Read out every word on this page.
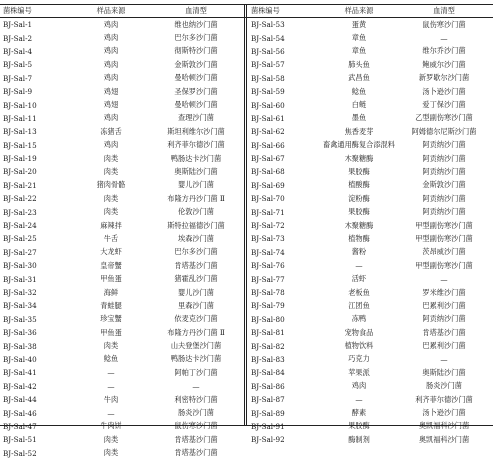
菌株编号	样品来源	血清型
BJ-Sal-1	鸡肉	维也纳沙门菌
BJ-Sal-2	鸡肉	巴尔多沙门菌
BJ-Sal-4	鸡肉	彻斯特沙门菌
BJ-Sal-5	鸡肉	金斯敦沙门菌
BJ-Sal-7	鸡肉	曼哈顿沙门菌
BJ-Sal-9	鸡翅	圣保罗沙门菌
BJ-Sal-10	鸡翅	曼哈顿沙门菌
BJ-Sal-11	鸡肉	查理沙门菌
BJ-Sal-13	冻猪舌	斯坦利维尔沙门菌
BJ-Sal-15	鸡肉	利齐菲尔德沙门菌
BJ-Sal-19	肉类	鸭肠达卡沙门菌
BJ-Sal-20	肉类	奥斯陆沙门菌
BJ-Sal-21	猪肉骨骼	婴儿沙门菌
BJ-Sal-22	肉类	布隆方丹沙门菌 Ⅱ
BJ-Sal-23	肉类	伦敦沙门菌
BJ-Sal-24	麻辣拌	斯特拉福德沙门菌
BJ-Sal-25	牛舌	埃森沙门菌
BJ-Sal-27	大龙虾	巴尔多沙门菌
BJ-Sal-30	皇帝蟹	肯塔基沙门菌
BJ-Sal-31	甲鱼蛋	猪霍乱沙门菌
BJ-Sal-32	海鲜	婴儿沙门菌
BJ-Sal-34	青蛙腿	里森沙门菌
BJ-Sal-35	珍宝蟹	依麦克沙门菌
BJ-Sal-36	甲鱼蛋	布隆方丹沙门菌 Ⅱ
BJ-Sal-38	肉类	山夫登堡沙门菌
BJ-Sal-40	鲶鱼	鸭肠达卡沙门菌
BJ-Sal-41	—	阿帕丁沙门菌
BJ-Sal-42	—	—
BJ-Sal-44	牛肉	利密特沙门菌
BJ-Sal-46	—	肠炎沙门菌
BJ-Sal-47	牛肉饼	鼠伤寒沙门菌
BJ-Sal-51	肉类	肯塔基沙门菌
BJ-Sal-52	肉类	肯塔基沙门菌
菌株编号	样品来源	血清型
BJ-Sal-53	蛋黄	鼠伤寒沙门菌
BJ-Sal-54	章鱼	—
BJ-Sal-56	章鱼	维尔乔沙门菌
BJ-Sal-57	肺头鱼	鲍威尔沙门菌
BJ-Sal-58	武昌鱼	新罗歇尔沙门菌
BJ-Sal-59	鲶鱼	汤卜逊沙门菌
BJ-Sal-60	白鲢	爱丁保沙门菌
BJ-Sal-61	墨鱼	乙型副伤寒沙门菌
BJ-Sal-62	焦香麦芽	阿姆德尔尼斯沙门菌
BJ-Sal-66	畜禽通用酶复合添混料	阿贡纳沙门菌
BJ-Sal-67	木聚糖酶	阿贡纳沙门菌
BJ-Sal-68	果胶酶	阿贡纳沙门菌
BJ-Sal-69	植酸酶	金斯敦沙门菌
BJ-Sal-70	淀粉酶	阿贡纳沙门菌
BJ-Sal-71	果胶酶	阿贡纳沙门菌
BJ-Sal-72	木聚糖酶	甲型副伤寒沙门菌
BJ-Sal-73	植物酶	甲型副伤寒沙门菌
BJ-Sal-74	酱粉	茨昂威沙门菌
BJ-Sal-76	—	甲型副伤寒沙门菌
BJ-Sal-77	活虾	—
BJ-Sal-78	老板鱼	罗米维沙门菌
BJ-Sal-79	江团鱼	巴累利沙门菌
BJ-Sal-80	冻鸭	阿贡纳沙门菌
BJ-Sal-81	宠物食品	肯塔基沙门菌
BJ-Sal-82	植物饮料	巴累利沙门菌
BJ-Sal-83	巧克力	—
BJ-Sal-84	苹果派	奥斯陆沙门菌
BJ-Sal-86	鸡肉	肠炎沙门菌
BJ-Sal-87	—	利齐菲尔德沙门菌
BJ-Sal-89	酵素	汤卜逊沙门菌
BJ-Sal-91	果胶酶	奥凯福科沙门菌
BJ-Sal-92	酶制剂	奥凯福科沙门菌
